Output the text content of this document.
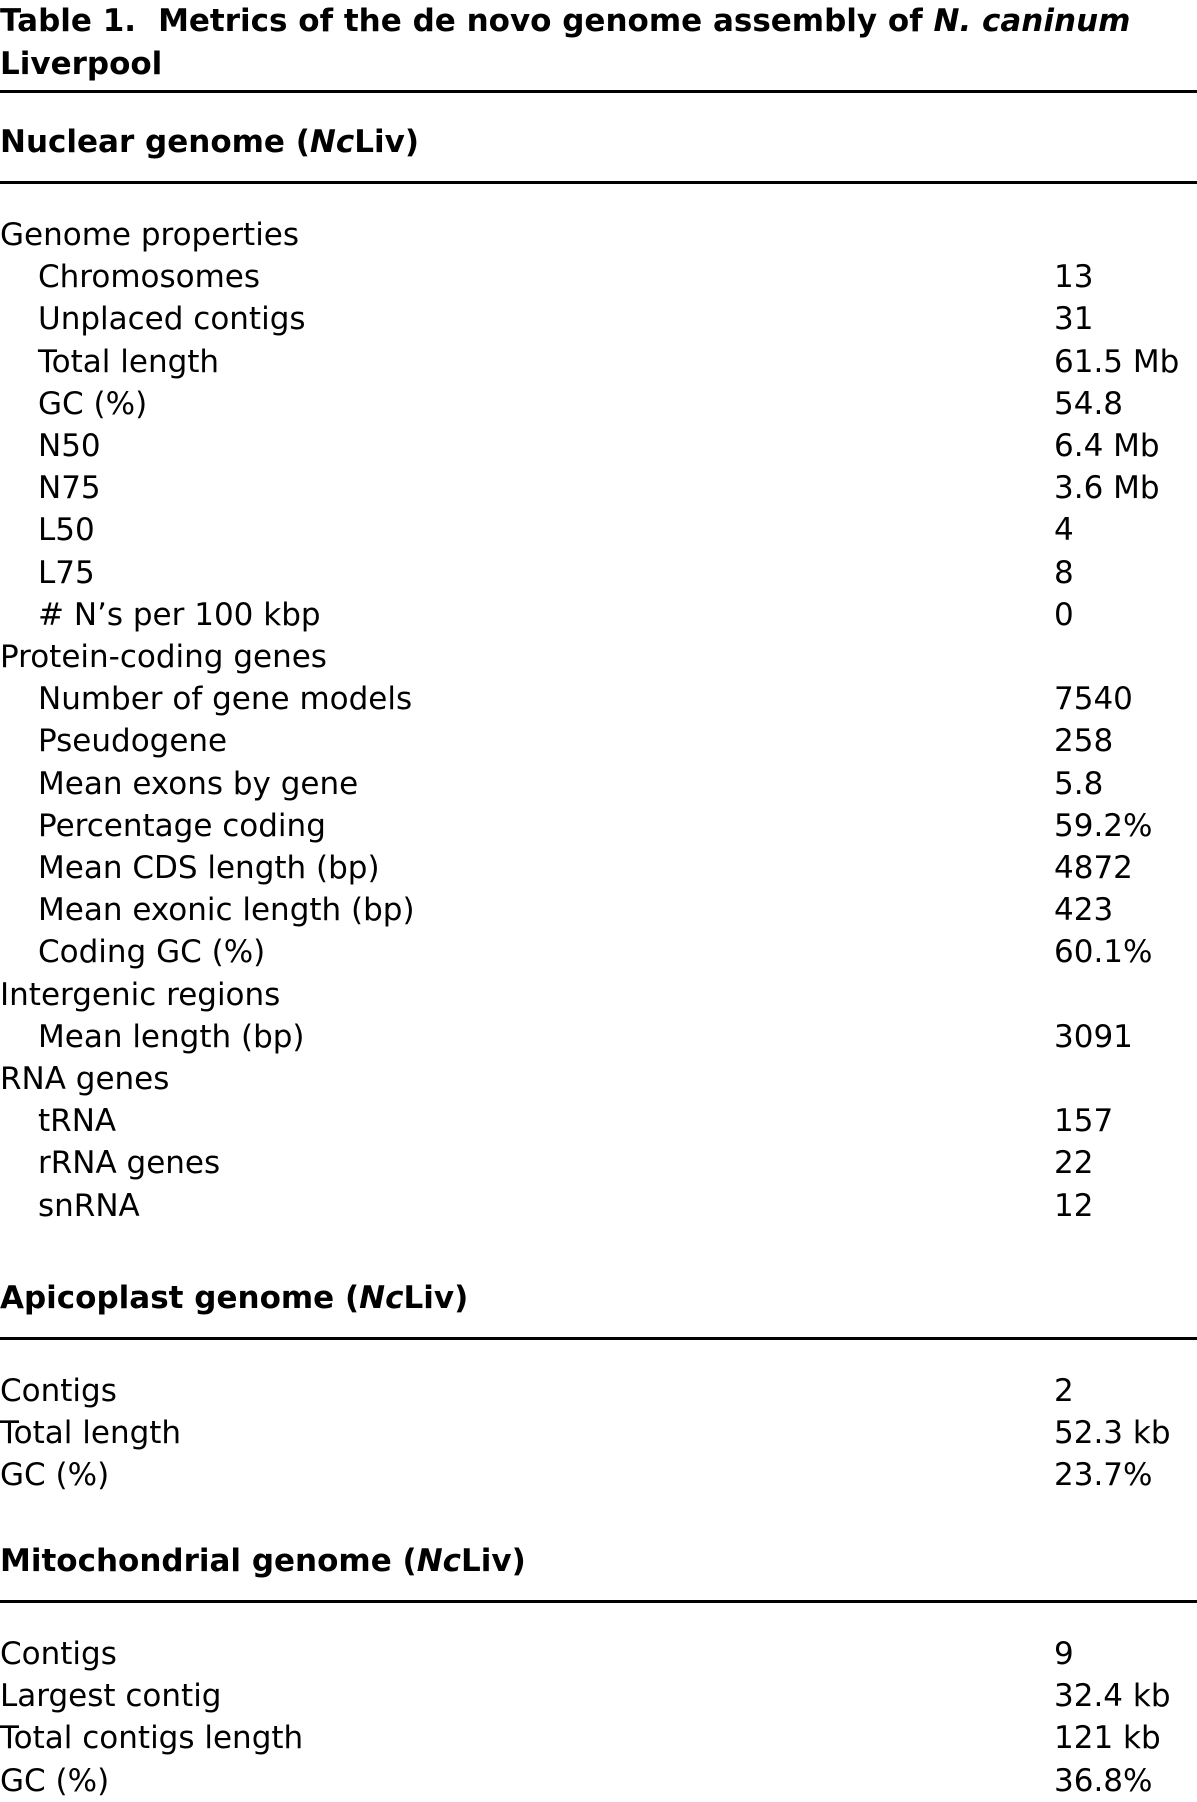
Table 1. Metrics of the de novo genome assembly of N. caninum
Liverpool
Nuclear genome (NcLiv)
Genome properties
Chromosomes	13
Unplaced contigs	31
Total length	61.5 Mb
GC (%)	54.8
N50	6.4 Mb
N75	3.6 Mb
L50	4
L75	8
# N’s per 100 kbp	0
Protein-coding genes
Number of gene models	7540
Pseudogene	258
Mean exons by gene	5.8
Percentage coding	59.2%
Mean CDS length (bp)	4872
Mean exonic length (bp)	423
Coding GC (%)	60.1%
Intergenic regions
Mean length (bp)	3091
RNA genes
tRNA	157
rRNA genes	22
snRNA	12
Apicoplast genome (NcLiv)
Contigs	2
Total length	52.3 kb
GC (%)	23.7%
Mitochondrial genome (NcLiv)
Contigs	9
Largest contig	32.4 kb
Total contigs length	121 kb
GC (%)	36.8%
